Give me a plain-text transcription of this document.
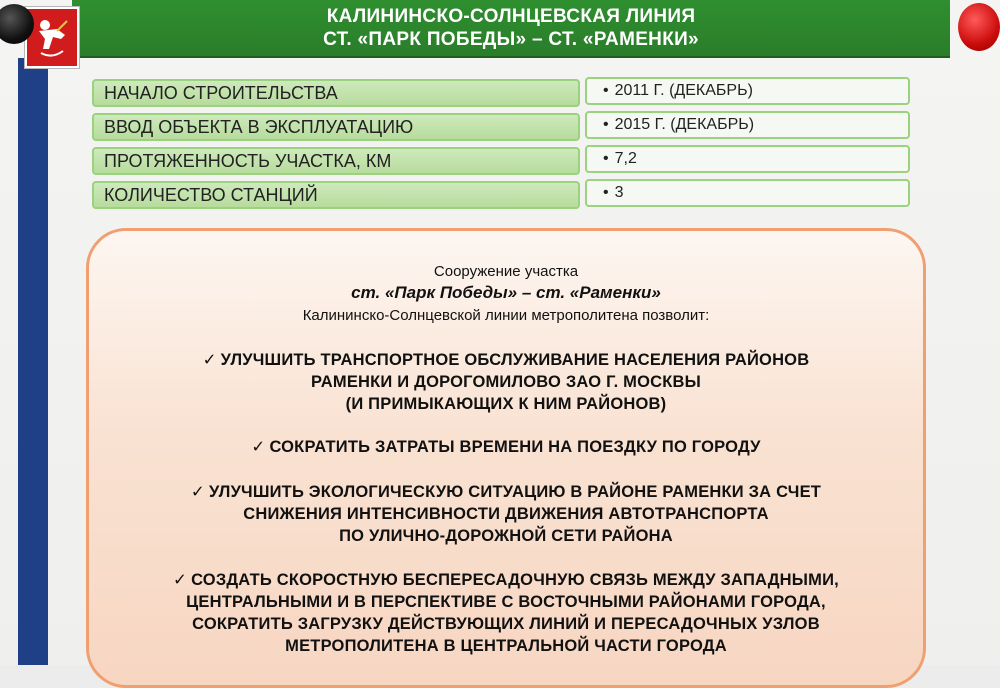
КАЛИНИНСКО-СОЛНЦЕВСКАЯ ЛИНИЯ
СТ. «ПАРК ПОБЕДЫ» – СТ. «РАМЕНКИ»
НАЧАЛО СТРОИТЕЛЬСТВА	• 2011 Г. (ДЕКАБРЬ)
ВВОД ОБЪЕКТА В ЭКСПЛУАТАЦИЮ	• 2015 Г. (ДЕКАБРЬ)
ПРОТЯЖЕННОСТЬ УЧАСТКА, КМ	• 7,2
КОЛИЧЕСТВО СТАНЦИЙ	• 3
Сооружение участка
ст. «Парк Победы» – ст. «Раменки»
Калининско-Солнцевской линии метрополитена позволит:
✓ УЛУЧШИТЬ ТРАНСПОРТНОЕ ОБСЛУЖИВАНИЕ НАСЕЛЕНИЯ РАЙОНОВ
РАМЕНКИ И ДОРОГОМИЛОВО ЗАО Г. МОСКВЫ
(И ПРИМЫКАЮЩИХ К НИМ РАЙОНОВ)
✓ СОКРАТИТЬ ЗАТРАТЫ ВРЕМЕНИ НА ПОЕЗДКУ ПО ГОРОДУ
✓ УЛУЧШИТЬ ЭКОЛОГИЧЕСКУЮ СИТУАЦИЮ В РАЙОНЕ РАМЕНКИ ЗА СЧЕТ
СНИЖЕНИЯ ИНТЕНСИВНОСТИ ДВИЖЕНИЯ АВТОТРАНСПОРТА
ПО УЛИЧНО-ДОРОЖНОЙ СЕТИ РАЙОНА
✓ СОЗДАТЬ СКОРОСТНУЮ БЕСПЕРЕСАДОЧНУЮ СВЯЗЬ МЕЖДУ ЗАПАДНЫМИ,
ЦЕНТРАЛЬНЫМИ И В ПЕРСПЕКТИВЕ С ВОСТОЧНЫМИ РАЙОНАМИ ГОРОДА,
СОКРАТИТЬ ЗАГРУЗКУ ДЕЙСТВУЮЩИХ ЛИНИЙ И ПЕРЕСАДОЧНЫХ УЗЛОВ
МЕТРОПОЛИТЕНА В ЦЕНТРАЛЬНОЙ ЧАСТИ ГОРОДА
